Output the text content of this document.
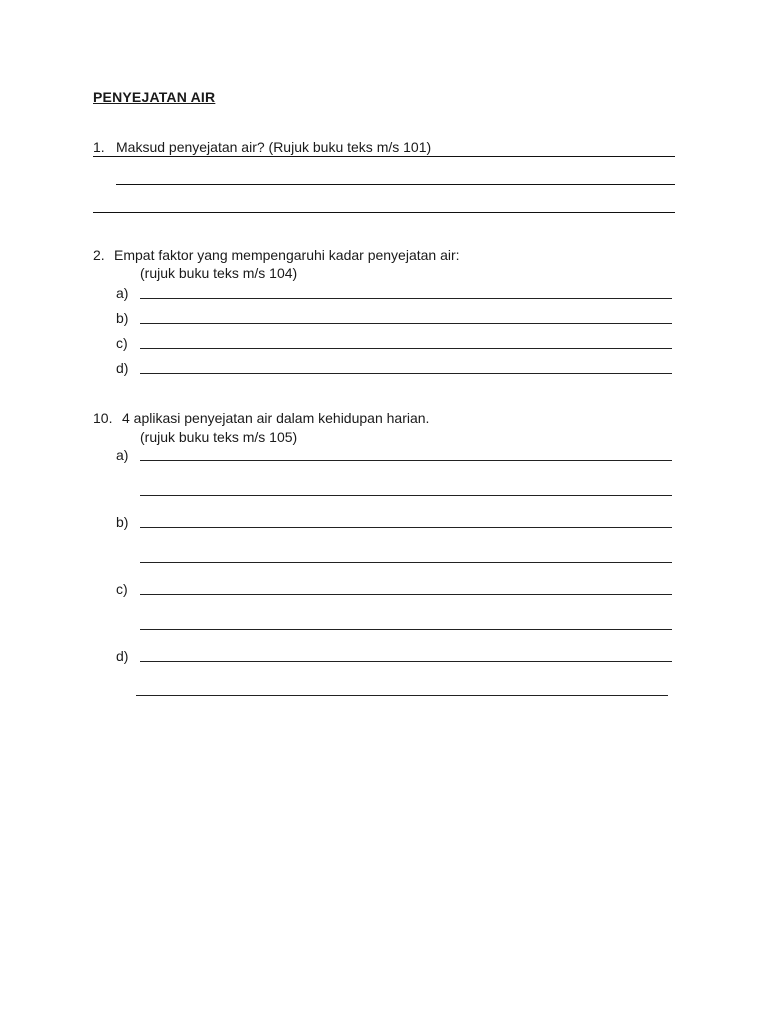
PENYEJATAN AIR
1. Maksud penyejatan air? (Rujuk buku teks m/s 101)
2. Empat faktor yang mempengaruhi kadar penyejatan air:
(rujuk buku teks m/s 104)
a)
b)
c)
d)
10. 4 aplikasi penyejatan air dalam kehidupan harian.
(rujuk buku teks m/s 105)
a)
b)
c)
d)
